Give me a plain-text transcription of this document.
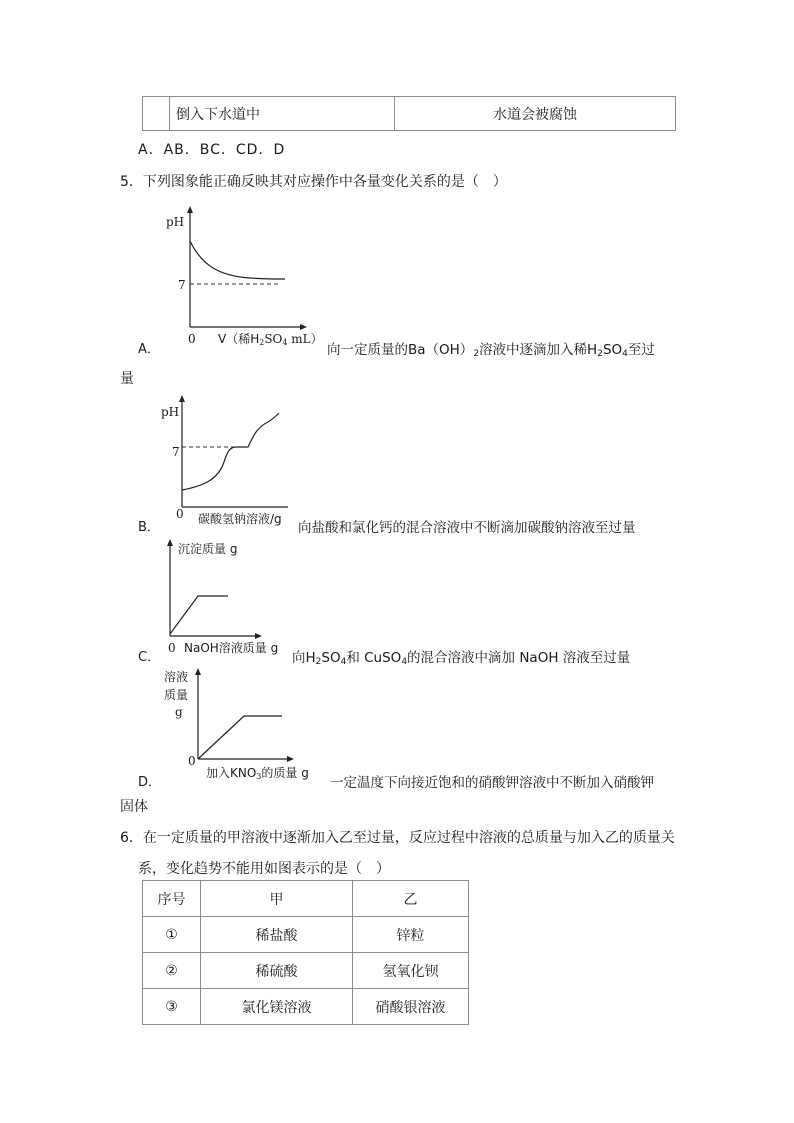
	倒入下水道中	水道会被腐蚀
A．AB．BC．CD．D
5．下列图象能正确反映其对应操作中各量变化关系的是（　）
pH
7
0 V（稀H2SO4 mL）
A．	向一定质量的$Ba(OH)_2$溶液中逐滴加入稀$H_2SO_4$至过
量
pH
7
0 碳酸氢钠溶液/g
B．	向盐酸和氯化钙的混合溶液中不断滴加碳酸钠溶液至过量
沉淀质量 g
0 NaOH溶液质量 g
C．	向$H_2SO_4$和 CuSO$_4$的混合溶液中滴加 NaOH 溶液至过量
溶液
质量
g
0
加入KNO3的质量 g
D．	一定温度下向接近饱和的硝酸钾溶液中不断加入硝酸钾
固体
6．在一定质量的甲溶液中逐渐加入乙至过量，反应过程中溶液的总质量与加入乙的质量关
系，变化趋势不能用如图表示的是（　）
序号	甲	乙
①	稀盐酸	锌粒
②	稀硫酸	氢氧化钡
③	氯化镁溶液	硝酸银溶液
